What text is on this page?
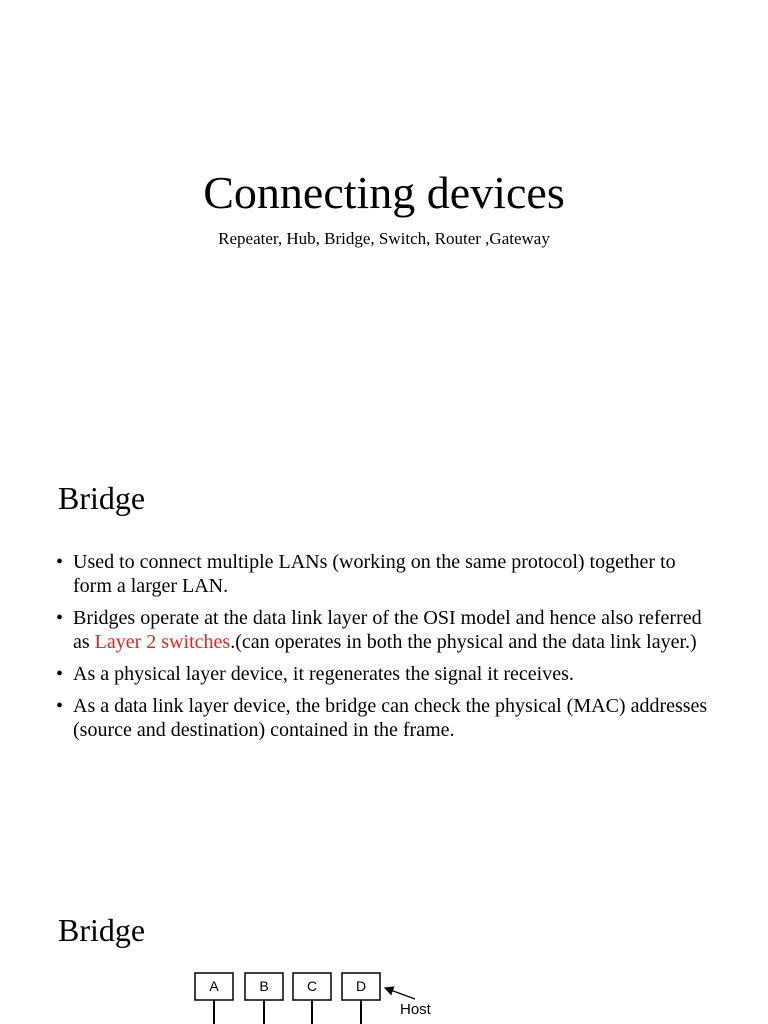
Connecting devices

Repeater, Hub, Bridge, Switch, Router ,Gateway

Bridge
• Used to connect multiple LANs (working on the same protocol) together to form a larger LAN.
• Bridges operate at the data link layer of the OSI model and hence also referred as Layer 2 switches.(can operates in both the physical and the data link layer.)
• As a physical layer device, it regenerates the signal it receives.
• As a data link layer device, the bridge can check the physical (MAC) addresses (source and destination) contained in the frame.
Bridge
A	B	C	D
Host
